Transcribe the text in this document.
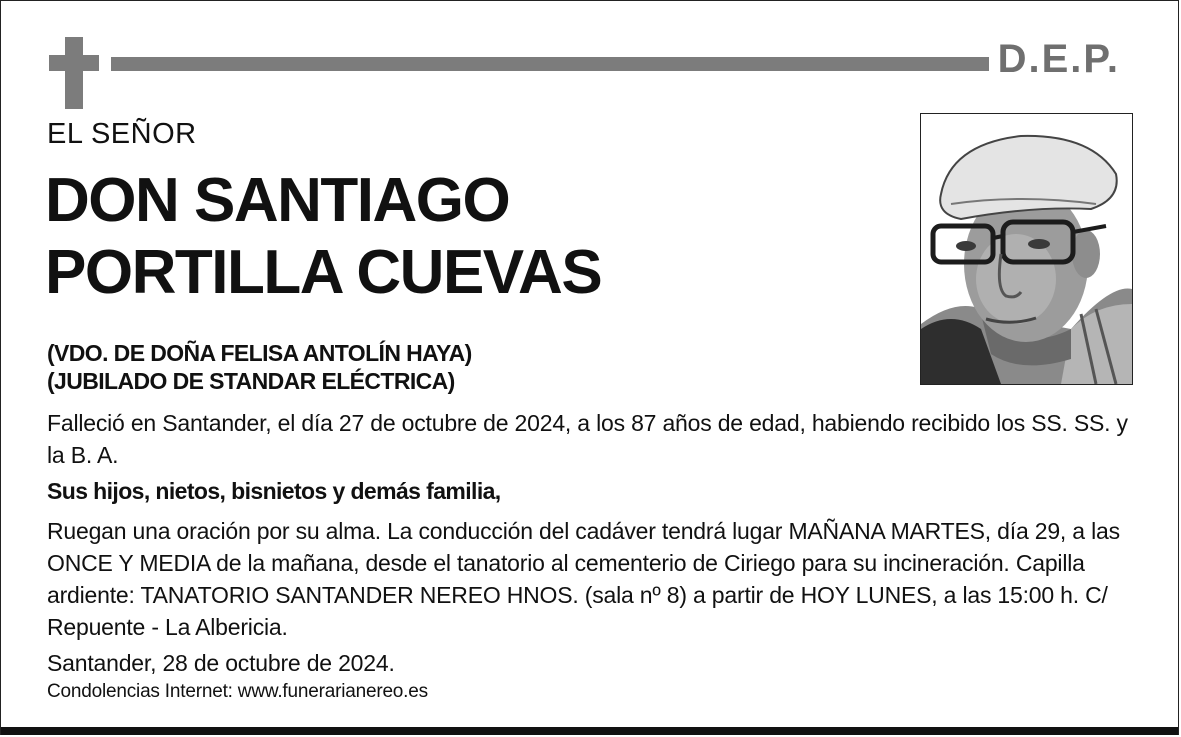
D.E.P.
EL SEÑOR
DON SANTIAGO
PORTILLA CUEVAS
(VDO. DE DOÑA FELISA ANTOLÍN HAYA)
(JUBILADO DE STANDAR ELÉCTRICA)
Falleció en Santander, el día 27 de octubre de 2024, a los 87 años de edad, habiendo recibido los SS. SS. y la B. A.
Sus hijos, nietos, bisnietos y demás familia,
Ruegan una oración por su alma. La conducción del cadáver tendrá lugar MAÑANA MARTES, día 29, a las ONCE Y MEDIA de la mañana, desde el tanatorio al cementerio de Ciriego para su incineración. Capilla ardiente: TANATORIO SANTANDER NEREO HNOS. (sala nº 8) a partir de HOY LUNES, a las 15:00 h. C/ Repuente - La Albericia.
Santander, 28 de octubre de 2024.
Condolencias Internet: www.funerarianereo.es
